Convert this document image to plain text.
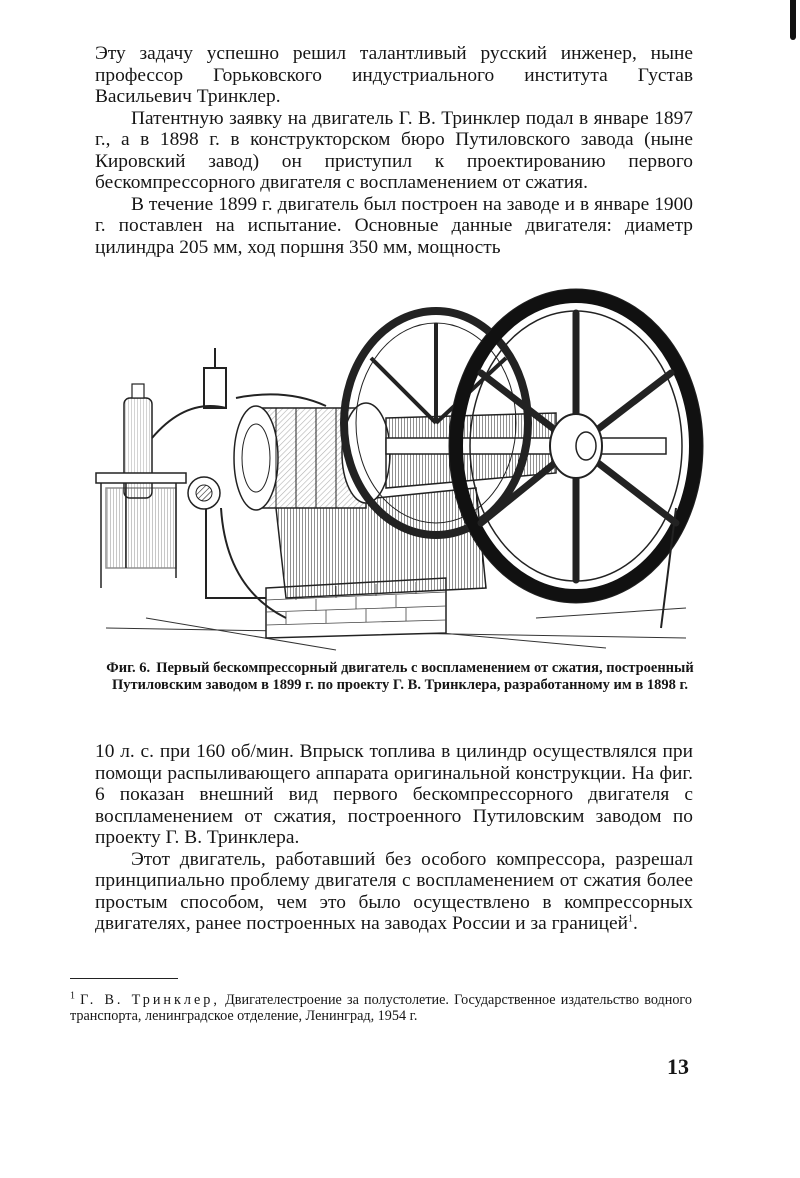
Эту задачу успешно решил талантливый русский инженер, ныне профессор Горьковского индустриального института Густав Васильевич Тринклер.

Патентную заявку на двигатель Г. В. Тринклер подал в январе 1897 г., а в 1898 г. в конструкторском бюро Путиловского завода (ныне Кировский завод) он приступил к проектированию первого бескомпрессорного двигателя с воспламенением от сжатия.

В течение 1899 г. двигатель был построен на заводе и в январе 1900 г. поставлен на испытание. Основные данные двигателя: диаметр цилиндра 205 мм, ход поршня 350 мм, мощность

Фиг. 6. Первый бескомпрессорный двигатель с воспламенением от сжатия, построенный Путиловским заводом в 1899 г. по проекту Г. В. Тринклера, разработанному им в 1898 г.

10 л. с. при 160 об/мин. Впрыск топлива в цилиндр осуществлялся при помощи распыливающего аппарата оригинальной конструкции. На фиг. 6 показан внешний вид первого бескомпрессорного двигателя с воспламенением от сжатия, построенного Путиловским заводом по проекту Г. В. Тринклера.

Этот двигатель, работавший без особого компрессора, разрешал принципиально проблему двигателя с воспламенением от сжатия более простым способом, чем это было осуществлено в компрессорных двигателях, ранее построенных на заводах России и за границей$^1$.

$^1$ Г. В. Тринклер, Двигателестроение за полустолетие. Государственное издательство водного транспорта, ленинградское отделение, Ленинград, 1954 г.
13
